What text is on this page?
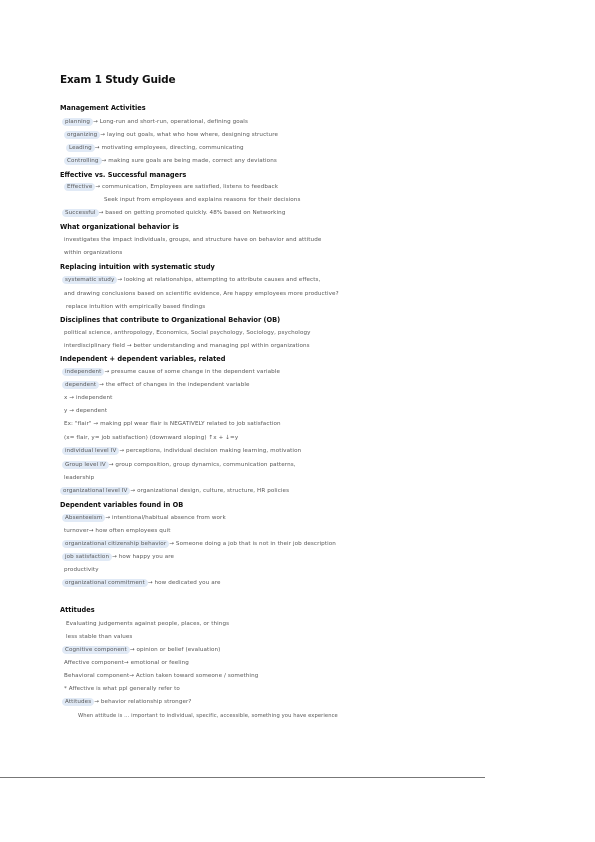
Exam 1 Study Guide
Management Activities
planning → Long-run and short-run, operational, defining goals
organizing → laying out goals, what who how where, designing structure
Leading → motivating employees, directing, communicating
Controlling → making sure goals are being made, correct any deviations
Effective vs. Successful managers
Effective → communication, Employees are satisfied, listens to feedback
Seek input from employees and explains reasons for their decisions
Successful → based on getting promoted quickly. 48% based on Networking
What organizational behavior is
investigates the impact individuals, groups, and structure have on behavior and attitude
within organizations
Replacing intuition with systematic study
systematic study → looking at relationships, attempting to attribute causes and effects,
and drawing conclusions based on scientific evidence, Are happy employees more productive?
replace intuition with empirically based findings
Disciplines that contribute to Organizational Behavior (OB)
political science, anthropology, Economics, Social psychology, Sociology, psychology
interdisciplinary field → better understanding and managing ppl within organizations
Independent + dependent variables, related
independent → presume cause of some change in the dependent variable
dependent → the effect of changes in the independent variable
x → independent
y → dependent
Ex: "flair" → making ppl wear flair is NEGATIVELY related to job satisfaction
(x= flair, y= job satisfaction) (downward sloping) ↑x + ↓=y
individual level IV → perceptions, individual decision making learning, motivation
Group level IV → group composition, group dynamics, communication patterns,
leadership
organizational level IV → organizational design, culture, structure, HR policies
Dependent variables found in OB
Absenteeism → intentional/habitual absence from work
turnover→ how often employees quit
organizational citizenship behavior → Someone doing a job that is not in their job description
job satisfaction → how happy you are
productivity
organizational commitment → how dedicated you are
Attitudes
Evaluating judgements against people, places, or things
less stable than values
Cognitive component → opinion or belief (evaluation)
Affective component→ emotional or feeling
Behavioral component→ Action taken toward someone / something
* Affective is what ppl generally refer to
Attitudes → behavior relationship stronger?
When attitude is ... important to individual, specific, accessible, something you have experience
